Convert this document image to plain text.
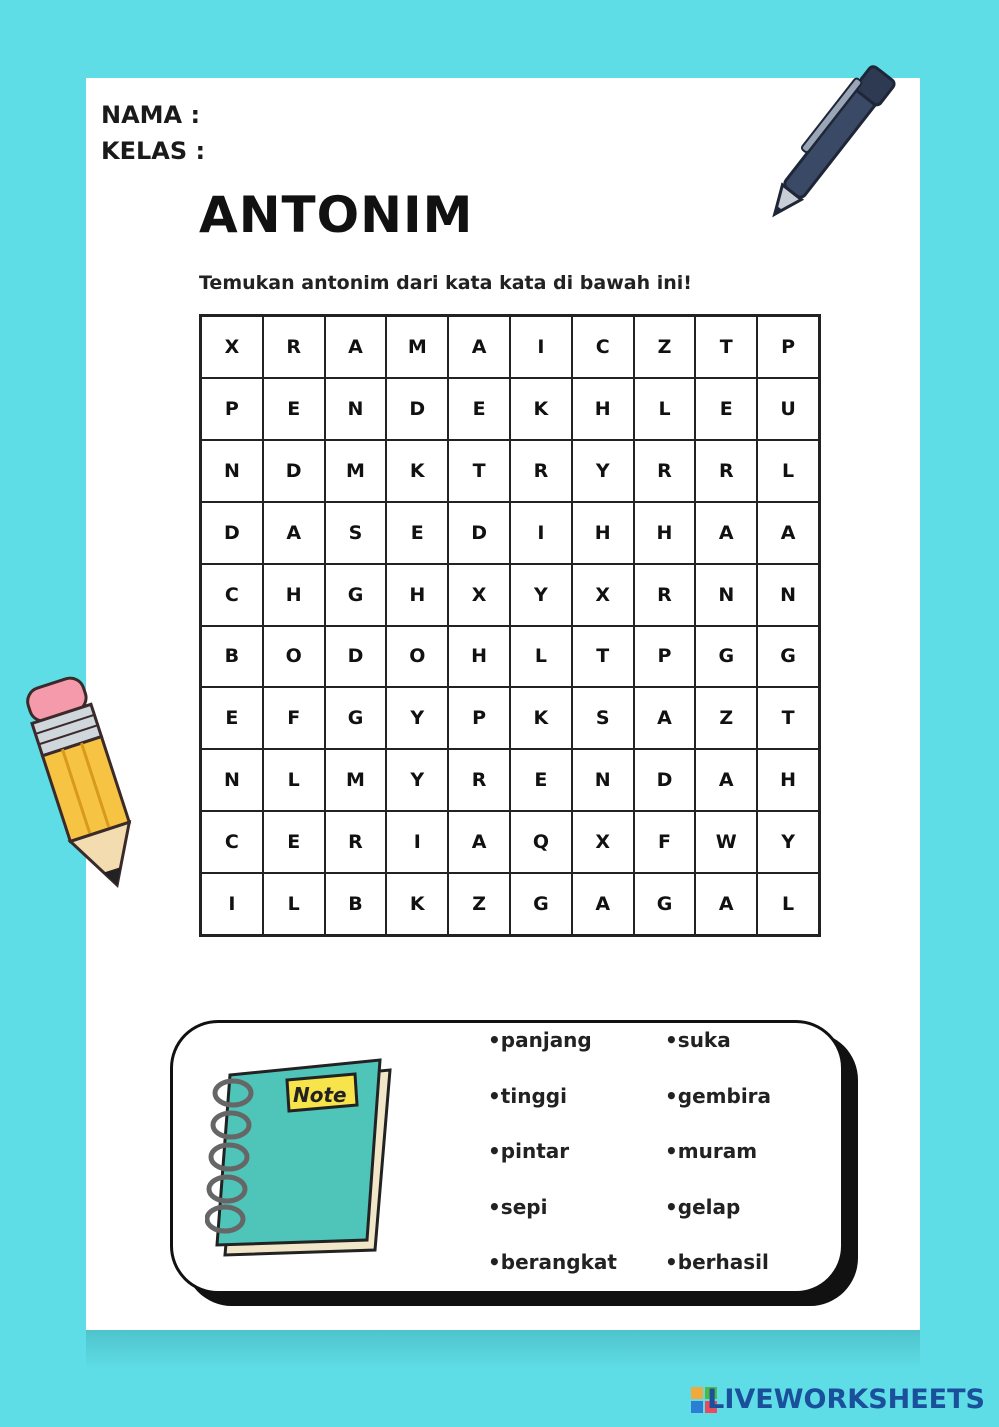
NAMA :
KELAS :
ANTONIM
Temukan antonim dari kata kata di bawah ini!
X	R	A	M	A	I	C	Z	T	P
P	E	N	D	E	K	H	L	E	U
N	D	M	K	T	R	Y	R	R	L
D	A	S	E	D	I	H	H	A	A
C	H	G	H	X	Y	X	R	N	N
B	O	D	O	H	L	T	P	G	G
E	F	G	Y	P	K	S	A	Z	T
N	L	M	Y	R	E	N	D	A	H
C	E	R	I	A	Q	X	F	W	Y
I	L	B	K	Z	G	A	G	A	L
Note
•panjang
•tinggi
•pintar
•sepi
•berangkat
•suka
•gembira
•muram
•gelap
•berhasil
LIVEWORKSHEETS
